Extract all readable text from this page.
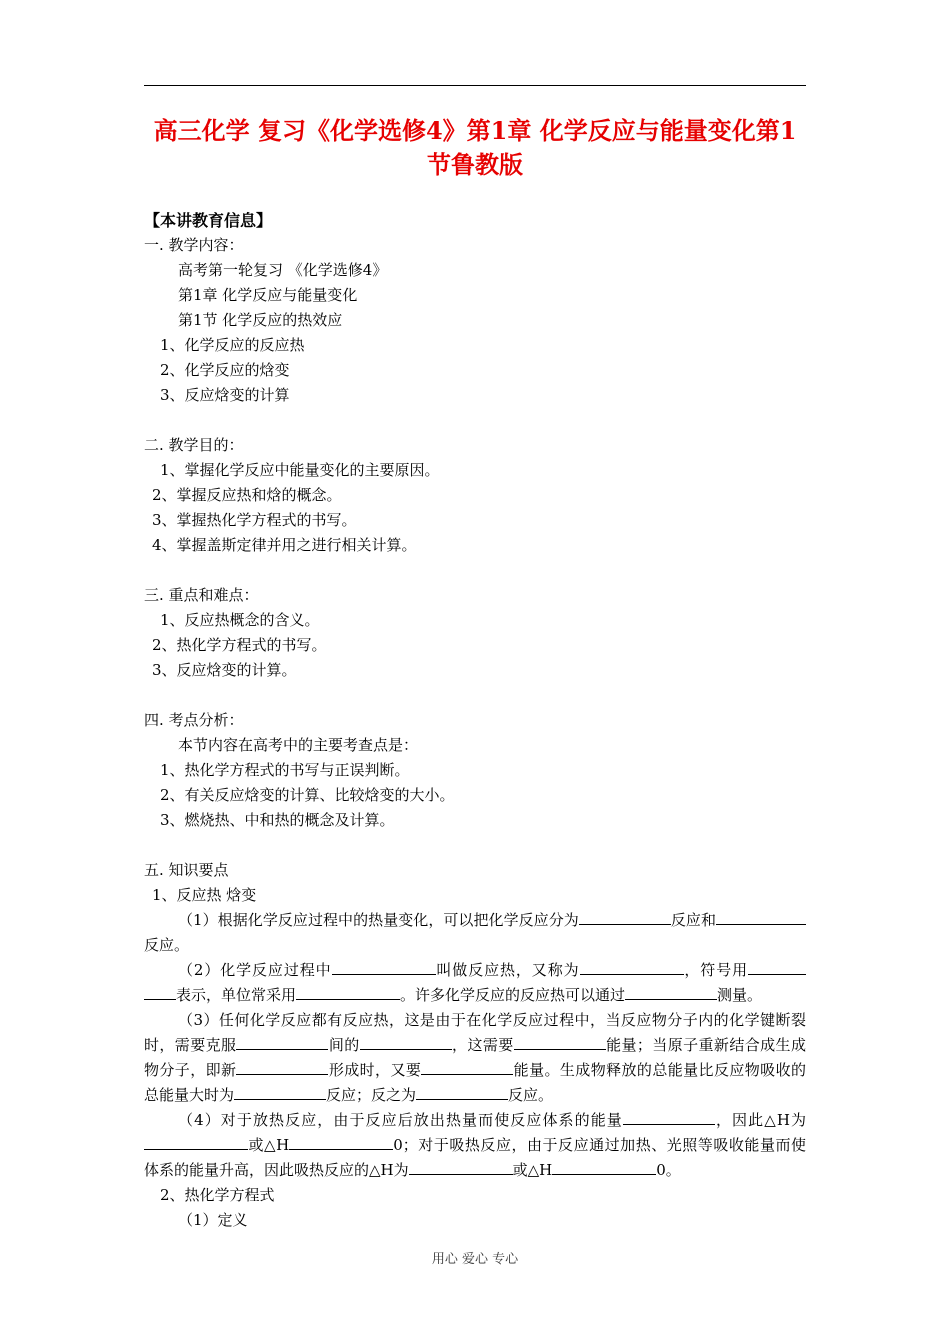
高三化学 复习《化学选修4》第1章 化学反应与能量变化第1节鲁教版
【本讲教育信息】
一. 教学内容：
高考第一轮复习 《化学选修4》
第1章 化学反应与能量变化
第1节 化学反应的热效应
1、化学反应的反应热
2、化学反应的焓变
3、反应焓变的计算
二. 教学目的：
1、掌握化学反应中能量变化的主要原因。
2、掌握反应热和焓的概念。
3、掌握热化学方程式的书写。
4、掌握盖斯定律并用之进行相关计算。
三. 重点和难点：
1、反应热概念的含义。
2、热化学方程式的书写。
3、反应焓变的计算。
四. 考点分析：
本节内容在高考中的主要考查点是：
1、热化学方程式的书写与正误判断。
2、有关反应焓变的计算、比较焓变的大小。
3、燃烧热、中和热的概念及计算。
五. 知识要点
1、反应热 焓变
（1）根据化学反应过程中的热量变化，可以把化学反应分为	反应和反应。
（2）化学反应过程中	叫做反应热，又称为	，符号用表示，单位常采用	。许多化学反应的反应热可以通过	测量。
（3）任何化学反应都有反应热，这是由于在化学反应过程中，当反应物分子内的化学键断裂时，需要克服	间的	，这需要	能量；当原子重新结合成生成物分子，即新	形成时，又要	能量。生成物释放的总能量比反应物吸收的总能量大时为	反应；反之为	反应。
（4）对于放热反应，由于反应后放出热量而使反应体系的能量	，因此△H为或△H	0；对于吸热反应，由于反应通过加热、光照等吸收能量而使体系的能量升高，因此吸热反应的△H为	或△H	0。
2、热化学方程式
（1）定义
用心 爱心 专心
